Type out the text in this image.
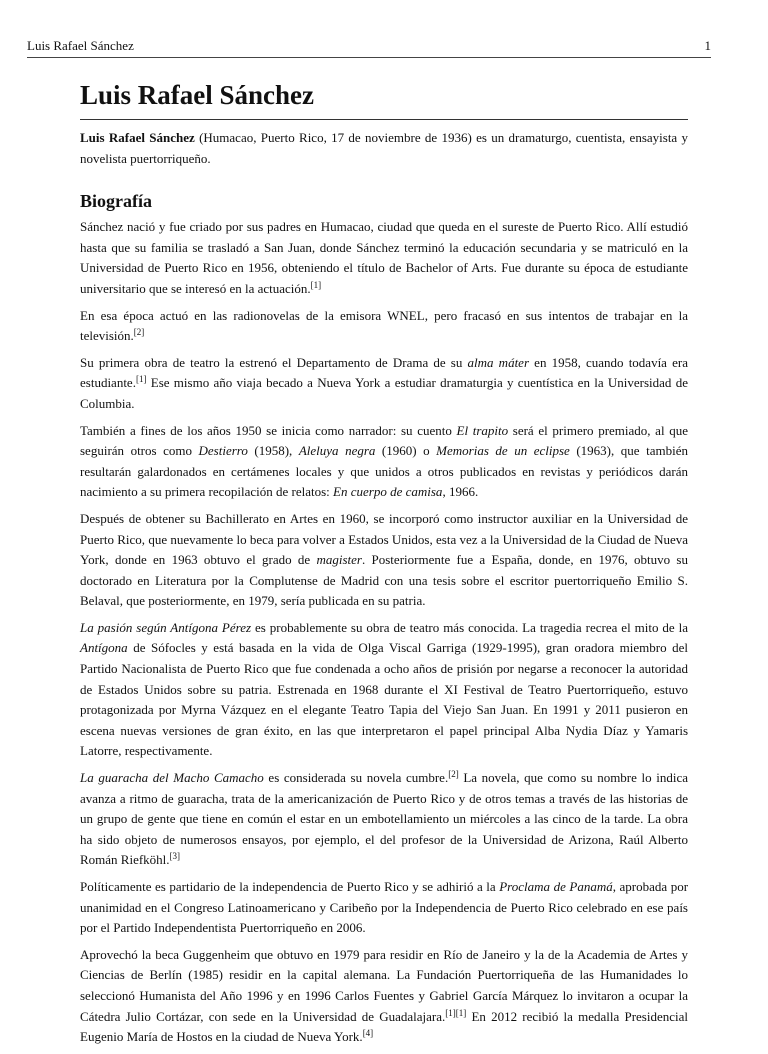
Luis Rafael Sánchez	1
Luis Rafael Sánchez

Luis Rafael Sánchez (Humacao, Puerto Rico, 17 de noviembre de 1936) es un dramaturgo, cuentista, ensayista y novelista puertorriqueño.

Biografía

Sánchez nació y fue criado por sus padres en Humacao, ciudad que queda en el sureste de Puerto Rico. Allí estudió hasta que su familia se trasladó a San Juan, donde Sánchez terminó la educación secundaria y se matriculó en la Universidad de Puerto Rico en 1956, obteniendo el título de Bachelor of Arts. Fue durante su época de estudiante universitario que se interesó en la actuación.[1]

En esa época actuó en las radionovelas de la emisora WNEL, pero fracasó en sus intentos de trabajar en la televisión.[2]

Su primera obra de teatro la estrenó el Departamento de Drama de su alma máter en 1958, cuando todavía era estudiante.[1] Ese mismo año viaja becado a Nueva York a estudiar dramaturgia y cuentística en la Universidad de Columbia.

También a fines de los años 1950 se inicia como narrador: su cuento El trapito será el primero premiado, al que seguirán otros como Destierro (1958), Aleluya negra (1960) o Memorias de un eclipse (1963), que también resultarán galardonados en certámenes locales y que unidos a otros publicados en revistas y periódicos darán nacimiento a su primera recopilación de relatos: En cuerpo de camisa, 1966.

Después de obtener su Bachillerato en Artes en 1960, se incorporó como instructor auxiliar en la Universidad de Puerto Rico, que nuevamente lo beca para volver a Estados Unidos, esta vez a la Universidad de la Ciudad de Nueva York, donde en 1963 obtuvo el grado de magister. Posteriormente fue a España, donde, en 1976, obtuvo su doctorado en Literatura por la Complutense de Madrid con una tesis sobre el escritor puertorriqueño Emilio S. Belaval, que posteriormente, en 1979, sería publicada en su patria.

La pasión según Antígona Pérez es probablemente su obra de teatro más conocida. La tragedia recrea el mito de la Antígona de Sófocles y está basada en la vida de Olga Viscal Garriga (1929-1995), gran oradora miembro del Partido Nacionalista de Puerto Rico que fue condenada a ocho años de prisión por negarse a reconocer la autoridad de Estados Unidos sobre su patria. Estrenada en 1968 durante el XI Festival de Teatro Puertorriqueño, estuvo protagonizada por Myrna Vázquez en el elegante Teatro Tapia del Viejo San Juan. En 1991 y 2011 pusieron en escena nuevas versiones de gran éxito, en las que interpretaron el papel principal Alba Nydia Díaz y Yamaris Latorre, respectivamente.

La guaracha del Macho Camacho es considerada su novela cumbre.[2] La novela, que como su nombre lo indica avanza a ritmo de guaracha, trata de la americanización de Puerto Rico y de otros temas a través de las historias de un grupo de gente que tiene en común el estar en un embotellamiento un miércoles a las cinco de la tarde. La obra ha sido objeto de numerosos ensayos, por ejemplo, el del profesor de la Universidad de Arizona, Raúl Alberto Román Riefköhl.[3]

Políticamente es partidario de la independencia de Puerto Rico y se adhirió a la Proclama de Panamá, aprobada por unanimidad en el Congreso Latinoamericano y Caribeño por la Independencia de Puerto Rico celebrado en ese país por el Partido Independentista Puertorriqueño en 2006.

Aprovechó la beca Guggenheim que obtuvo en 1979 para residir en Río de Janeiro y la de la Academia de Artes y Ciencias de Berlín (1985) residir en la capital alemana. La Fundación Puertorriqueña de las Humanidades lo seleccionó Humanista del Año 1996 y en 1996 Carlos Fuentes y Gabriel García Márquez lo invitaron a ocupar la Cátedra Julio Cortázar, con sede en la Universidad de Guadalajara.[1][1] En 2012 recibió la medalla Presidencial Eugenio María de Hostos en la ciudad de Nueva York.[4]
